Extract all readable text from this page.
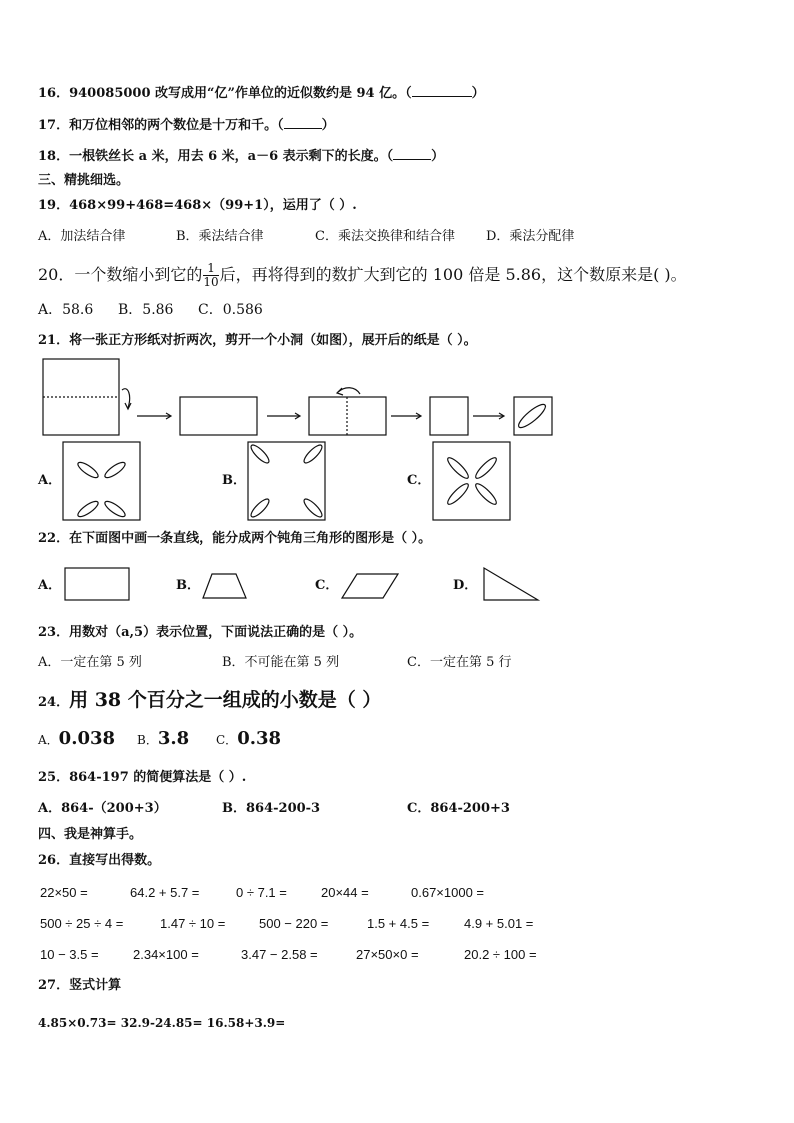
16．940085000 改写成用“亿”作单位的近似数约是 94 亿。（	）
17．和万位相邻的两个数位是十万和千。（	）
18．一根铁丝长 a 米，用去 6 米，a－6 表示剩下的长度。（	）
三、精挑细选。
19．468×99+468=468×（99+1），运用了（ ）.
A．加法结合律	B．乘法结合律	C．乘法交换律和结合律 D．乘法分配律
20．一个数缩小到它的 $\frac{1}{10}$ 后，再将得到的数扩大到它的 100 倍是 5.86，这个数原来是( )。
A．58.6 B．5.86 C．0.586
21．将一张正方形纸对折两次，剪开一个小洞（如图），展开后的纸是（ ）。
A．	B．	C．
22．在下面图中画一条直线，能分成两个钝角三角形的图形是（ ）。
A．	B．	C．	D．
23．用数对（a,5）表示位置，下面说法正确的是（ ）。
A．一定在第 5 列	B．不可能在第 5 列	C．一定在第 5 行
24．用 38 个百分之一组成的小数是（ ）
A．0.038 B．3.8 C．0.38
25．864-197 的简便算法是（ ）.
A．864-（200+3）	B．864-200-3	C．864-200+3
四、我是神算手。
26．直接写出得数。
22×50 =	64.2 + 5.7 =	0 ÷ 7.1 =	20×44 =	0.67×1000 =
500 ÷ 25 ÷ 4 =	1.47 ÷ 10 =	500 − 220 =	1.5 + 4.5 =	4.9 + 5.01 =
10 − 3.5 =	2.34×100 =	3.47 − 2.58 =	27×50×0 =	20.2 ÷ 100 =
27．竖式计算
4.85×0.73= 32.9-24.85= 16.58+3.9=
